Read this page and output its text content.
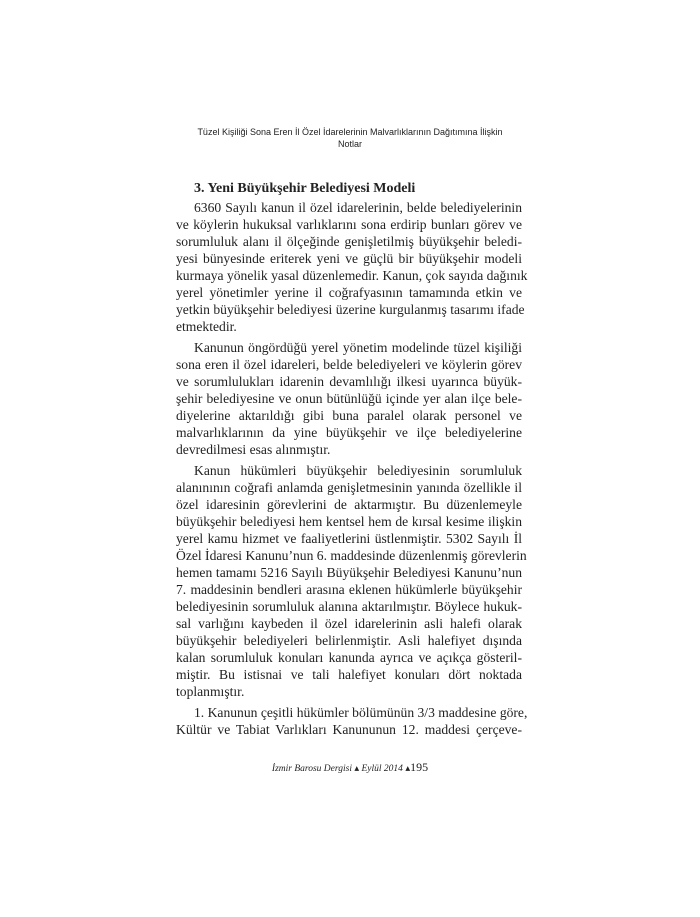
Tüzel Kişiliği Sona Eren İl Özel İdarelerinin Malvarlıklarının Dağıtımına İlişkin
Notlar
3. Yeni Büyükşehir Belediyesi Modeli
6360 Sayılı kanun il özel idarelerinin, belde belediyelerinin
ve köylerin hukuksal varlıklarını sona erdirip bunları görev ve
sorumluluk alanı il ölçeğinde genişletilmiş büyükşehir beledi-
yesi bünyesinde eriterek yeni ve güçlü bir büyükşehir modeli
kurmaya yönelik yasal düzenlemedir. Kanun, çok sayıda dağınık
yerel yönetimler yerine il coğrafyasının tamamında etkin ve
yetkin büyükşehir belediyesi üzerine kurgulanmış tasarımı ifade
etmektedir.
Kanunun öngördüğü yerel yönetim modelinde tüzel kişiliği
sona eren il özel idareleri, belde belediyeleri ve köylerin görev
ve sorumlulukları idarenin devamlılığı ilkesi uyarınca büyük-
şehir belediyesine ve onun bütünlüğü içinde yer alan ilçe bele-
diyelerine aktarıldığı gibi buna paralel olarak personel ve
malvarlıklarının da yine büyükşehir ve ilçe belediyelerine
devredilmesi esas alınmıştır.
Kanun hükümleri büyükşehir belediyesinin sorumluluk
alanınının coğrafi anlamda genişletmesinin yanında özellikle il
özel idaresinin görevlerini de aktarmıştır. Bu düzenlemeyle
büyükşehir belediyesi hem kentsel hem de kırsal kesime ilişkin
yerel kamu hizmet ve faaliyetlerini üstlenmiştir. 5302 Sayılı İl
Özel İdaresi Kanunu’nun 6. maddesinde düzenlenmiş görevlerin
hemen tamamı 5216 Sayılı Büyükşehir Belediyesi Kanunu’nun
7. maddesinin bendleri arasına eklenen hükümlerle büyükşehir
belediyesinin sorumluluk alanına aktarılmıştır. Böylece hukuk-
sal varlığını kaybeden il özel idarelerinin asli halefi olarak
büyükşehir belediyeleri belirlenmiştir. Asli halefiyet dışında
kalan sorumluluk konuları kanunda ayrıca ve açıkça gösteril-
miştir. Bu istisnai ve tali halefiyet konuları dört noktada
toplanmıştır.
1. Kanunun çeşitli hükümler bölümünün 3/3 maddesine göre,
Kültür ve Tabiat Varlıkları Kanununun 12. maddesi çerçeve-
İzmir Barosu Dergisi ▴ Eylül 2014 ▴195
